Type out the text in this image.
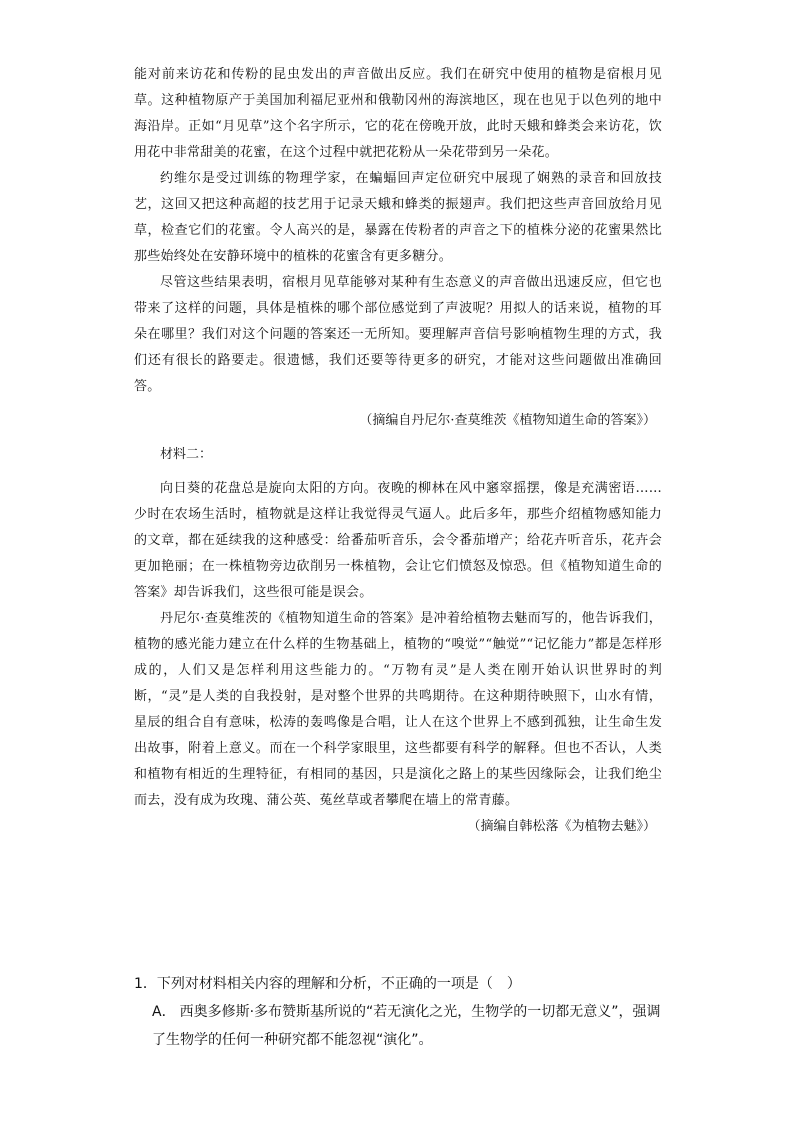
能对前来访花和传粉的昆虫发出的声音做出反应。我们在研究中使用的植物是宿根月见草。这种植物原产于美国加利福尼亚州和俄勒冈州的海滨地区，现在也见于以色列的地中海沿岸。正如“月见草”这个名字所示，它的花在傍晚开放，此时天蛾和蜂类会来访花，饮用花中非常甜美的花蜜，在这个过程中就把花粉从一朵花带到另一朵花。

约维尔是受过训练的物理学家，在蝙蝠回声定位研究中展现了娴熟的录音和回放技艺，这回又把这种高超的技艺用于记录天蛾和蜂类的振翅声。我们把这些声音回放给月见草，检查它们的花蜜。令人高兴的是，暴露在传粉者的声音之下的植株分泌的花蜜果然比那些始终处在安静环境中的植株的花蜜含有更多糖分。

尽管这些结果表明，宿根月见草能够对某种有生态意义的声音做出迅速反应，但它也带来了这样的问题，具体是植株的哪个部位感觉到了声波呢？用拟人的话来说，植物的耳朵在哪里？我们对这个问题的答案还一无所知。要理解声音信号影响植物生理的方式，我们还有很长的路要走。很遗憾，我们还要等待更多的研究，才能对这些问题做出准确回答。

（摘编自丹尼尔·查莫维茨《植物知道生命的答案》）

材料二：

向日葵的花盘总是旋向太阳的方向。夜晚的柳林在风中窸窣摇摆，像是充满密语……少时在农场生活时，植物就是这样让我觉得灵气逼人。此后多年，那些介绍植物感知能力的文章，都在延续我的这种感受：给番茄听音乐，会令番茄增产；给花卉听音乐，花卉会更加艳丽；在一株植物旁边砍削另一株植物，会让它们愤怒及惊恐。但《植物知道生命的答案》却告诉我们，这些很可能是误会。

丹尼尔·查莫维茨的《植物知道生命的答案》是冲着给植物去魅而写的，他告诉我们，植物的感光能力建立在什么样的生物基础上，植物的“嗅觉”“触觉”“记忆能力”都是怎样形成的，人们又是怎样利用这些能力的。“万物有灵”是人类在刚开始认识世界时的判断，“灵”是人类的自我投射，是对整个世界的共鸣期待。在这种期待映照下，山水有情，星辰的组合自有意味，松涛的轰鸣像是合唱，让人在这个世界上不感到孤独，让生命生发出故事，附着上意义。而在一个科学家眼里，这些都要有科学的解释。但也不否认，人类和植物有相近的生理特征，有相同的基因，只是演化之路上的某些因缘际会，让我们绝尘而去，没有成为玫瑰、蒲公英、菟丝草或者攀爬在墙上的常青藤。

（摘编自韩松落《为植物去魅》）

1．下列对材料相关内容的理解和分析，不正确的一项是（　）

A． 西奥多修斯·多布赞斯基所说的“若无演化之光，生物学的一切都无意义”，强调了生物学的任何一种研究都不能忽视“演化”。
